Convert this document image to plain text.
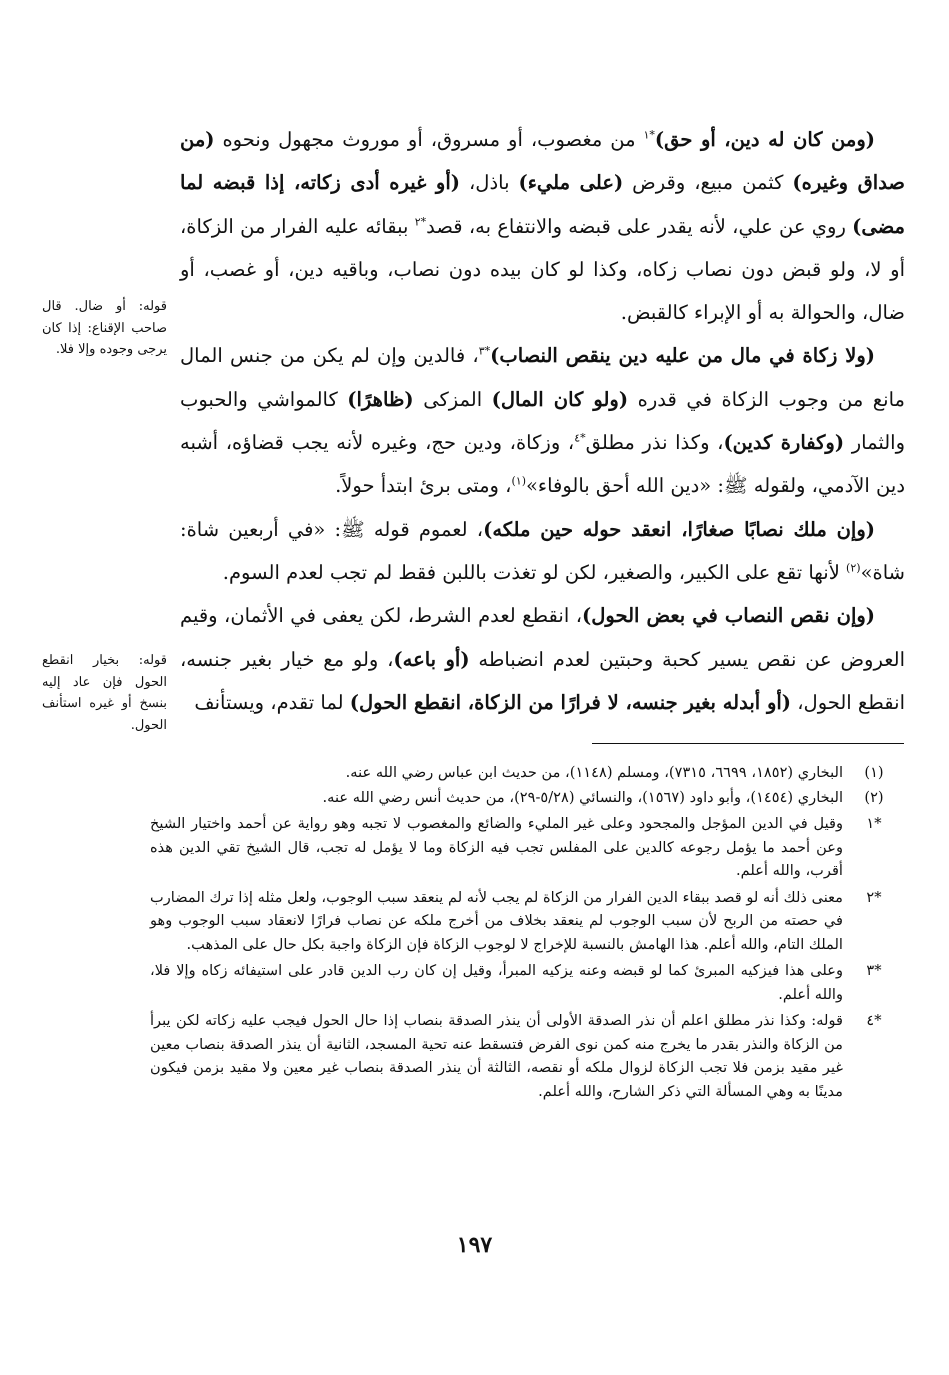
(ومن كان له دين، أو حق)$^{*١}$ من مغصوب، أو مسروق، أو موروث مجهول ونحوه (من صداق وغيره) كثمن مبيع، وقرض (على مليء) باذل، (أو غيره أدى زكاته، إذا قبضه لما مضى) روي عن علي، لأنه يقدر على قبضه والانتفاع به، قصد$^{*٢}$ ببقائه عليه الفرار من الزكاة، أو لا، ولو قبض دون نصاب زكاه، وكذا لو كان بيده دون نصاب، وباقيه دين، أو غصب، أو ضال، والحوالة به أو الإبراء كالقبض.

(ولا زكاة في مال من عليه دين ينقص النصاب)$^{*٣}$، فالدين وإن لم يكن من جنس المال مانع من وجوب الزكاة في قدره (ولو كان المال) المزكى (ظاهرًا) كالمواشي والحبوب والثمار (وكفارة كدين)، وكذا نذر مطلق$^{*٤}$، وزكاة، ودين حج، وغيره لأنه يجب قضاؤه، أشبه دين الآدمي، ولقوله ﷺ: «دين الله أحق بالوفاء»$^{(١)}$، ومتى برئ ابتدأ حولاً.

(وإن ملك نصابًا صغارًا، انعقد حوله حين ملكه)، لعموم قوله ﷺ: «في أربعين شاة: شاة»$^{(٢)}$ لأنها تقع على الكبير، والصغير، لكن لو تغذت باللبن فقط لم تجب لعدم السوم.

(وإن نقص النصاب في بعض الحول)، انقطع لعدم الشرط، لكن يعفى في الأثمان، وقيم العروض عن نقص يسير كحبة وحبتين لعدم انضباطه (أو باعه)، ولو مع خيار بغير جنسه، انقطع الحول، (أو أبدله بغير جنسه، لا فرارًا من الزكاة، انقطع الحول) لما تقدم، ويستأنف

قوله: أو ضال. قال صاحب الإقناع: إذا كان يرجى وجوده وإلا فلا.
قوله: بخيار انقطع الحول فإن عاد إليه بنسخ أو غيره استأنف الحول.
(١)
البخاري (١٨٥٢، ٦٦٩٩، ٧٣١٥)، ومسلم (١١٤٨)، من حديث ابن عباس رضي الله عنه.
(٢)
البخاري (١٤٥٤)، وأبو داود (١٥٦٧)، والنسائي (٥/٢٨-٢٩)، من حديث أنس رضي الله عنه.
*١
وقيل في الدين المؤجل والمجحود وعلى غير المليء والضائع والمغصوب لا تجبه وهو رواية عن أحمد واختيار الشيخ وعن أحمد ما يؤمل رجوعه كالدين على المفلس تجب فيه الزكاة وما لا يؤمل له تجب، قال الشيخ تقي الدين هذه أقرب، والله أعلم.
*٢
معنى ذلك أنه لو قصد ببقاء الدين الفرار من الزكاة لم يجب لأنه لم ينعقد سبب الوجوب، ولعل مثله إذا ترك المضارب في حصته من الربح لأن سبب الوجوب لم ينعقد بخلاف من أخرج ملكه عن نصاب فرارًا لانعقاد سبب الوجوب وهو الملك التام، والله أعلم. هذا الهامش بالنسبة للإخراج لا لوجوب الزكاة فإن الزكاة واجبة بكل حال على المذهب.
*٣
وعلى هذا فيزكيه المبرئ كما لو قبضه وعنه يزكيه المبرأ، وقيل إن كان رب الدين قادر على استيفائه زكاه وإلا فلا، والله أعلم.
*٤
قوله: وكذا نذر مطلق اعلم أن نذر الصدقة الأولى أن ينذر الصدقة بنصاب إذا حال الحول فيجب عليه زكاته لكن يبرأ من الزكاة والنذر بقدر ما يخرج منه كمن نوى الفرض فتسقط عنه تحية المسجد، الثانية أن ينذر الصدقة بنصاب معين غير مقيد بزمن فلا تجب الزكاة لزوال ملكه أو نقصه، الثالثة أن ينذر الصدقة بنصاب غير معين ولا مقيد بزمن فيكون مدينًا به وهي المسألة التي ذكر الشارح، والله أعلم.
١٩٧
